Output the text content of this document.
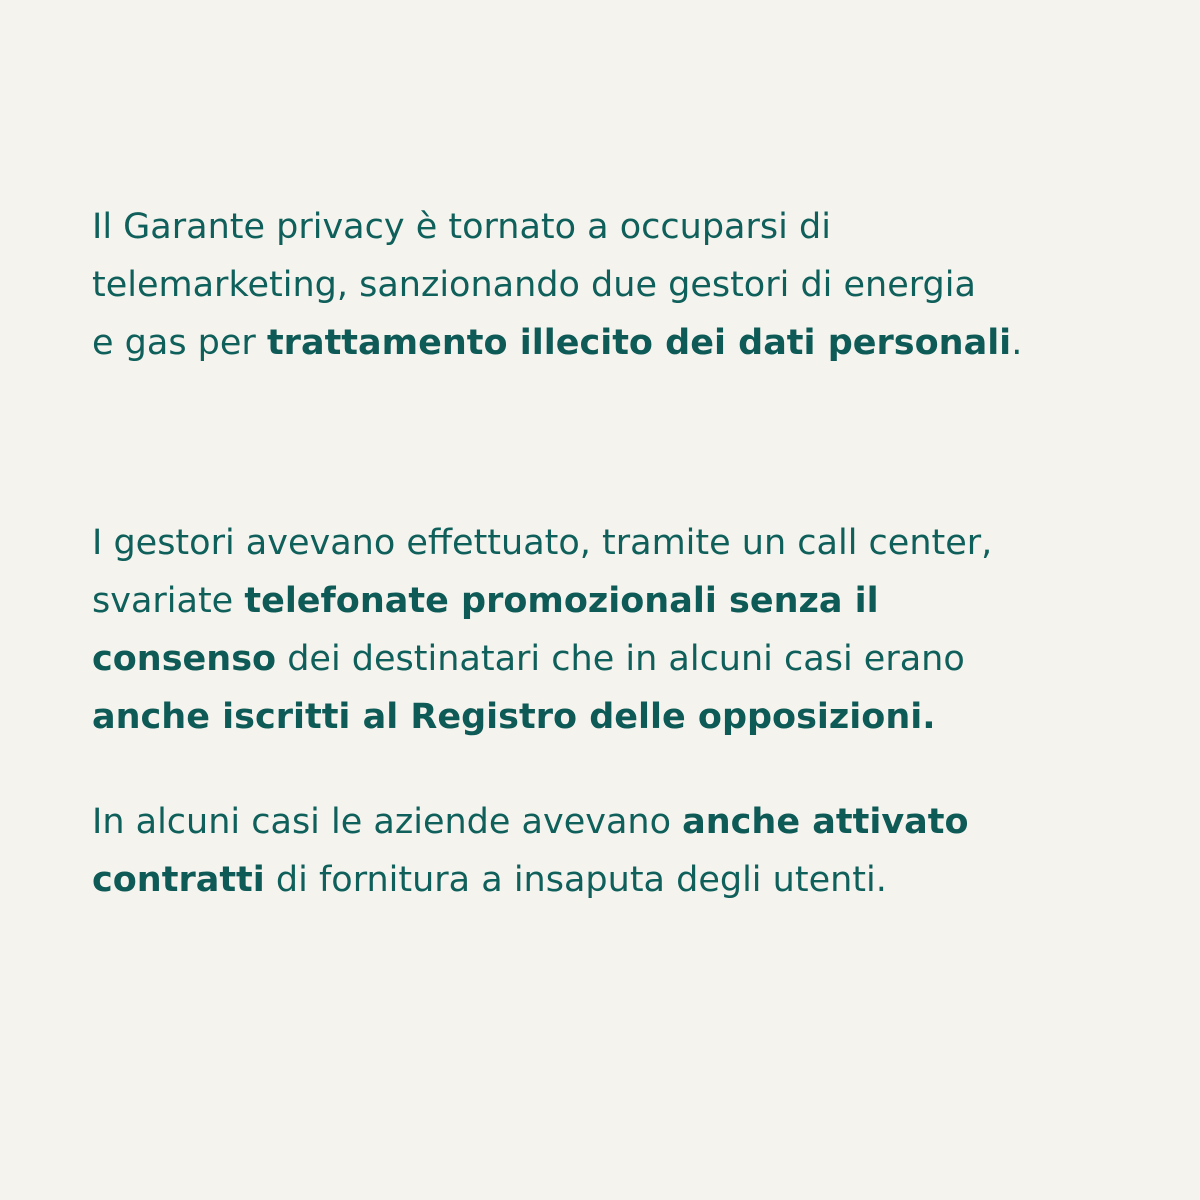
Il Garante privacy è tornato a occuparsi di
telemarketing, sanzionando due gestori di energia
e gas per trattamento illecito dei dati personali.

I gestori avevano effettuato, tramite un call center,
svariate telefonate promozionali senza il
consenso dei destinatari che in alcuni casi erano
anche iscritti al Registro delle opposizioni.

In alcuni casi le aziende avevano anche attivato
contratti di fornitura a insaputa degli utenti.
